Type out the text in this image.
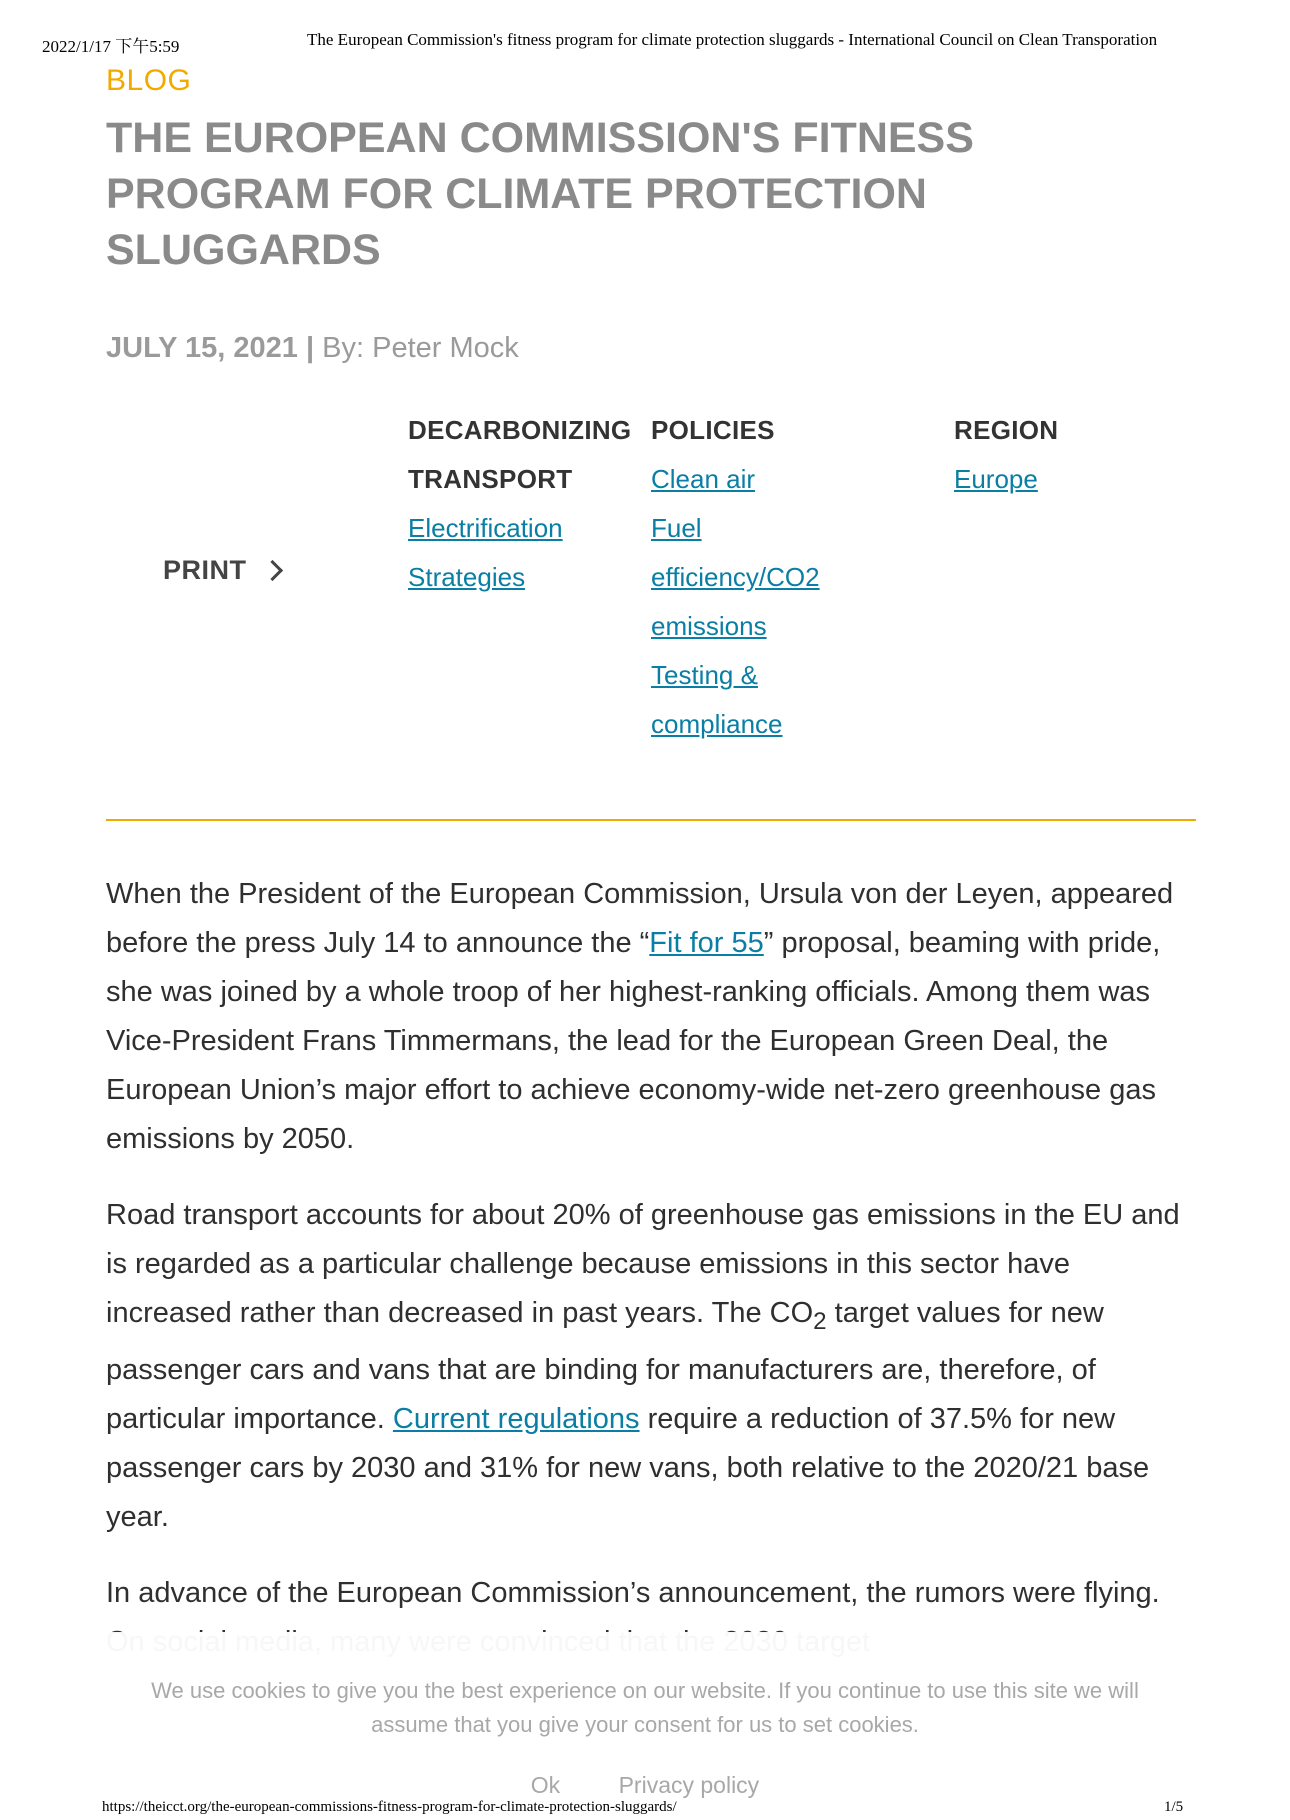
2022/1/17 下午5:59	The European Commission's fitness program for climate protection sluggards - International Council on Clean Transporation
BLOG
THE EUROPEAN COMMISSION'S FITNESS PROGRAM FOR CLIMATE PROTECTION SLUGGARDS
JULY 15, 2021 | By: Peter Mock
PRINT
DECARBONIZING
TRANSPORT
Electrification
Strategies
POLICIES
Clean air
Fuel efficiency/CO2 emissions
Testing & compliance
REGION
Europe

When the President of the European Commission, Ursula von der Leyen, appeared before the press July 14 to announce the “Fit for 55” proposal, beaming with pride, she was joined by a whole troop of her highest-ranking officials. Among them was Vice-President Frans Timmermans, the lead for the European Green Deal, the European Union’s major effort to achieve economy-wide net-zero greenhouse gas emissions by 2050.

Road transport accounts for about 20% of greenhouse gas emissions in the EU and is regarded as a particular challenge because emissions in this sector have increased rather than decreased in past years. The $CO_2$ target values for new passenger cars and vans that are binding for manufacturers are, therefore, of particular importance. Current regulations require a reduction of 37.5% for new passenger cars by 2030 and 31% for new vans, both relative to the 2020/21 base year.

In advance of the European Commission’s announcement, the rumors were flying.

We use cookies to give you the best experience on our website. If you continue to use this site we will assume that you give your consent for us to set cookies.
Ok	Privacy policy
https://theicct.org/the-european-commissions-fitness-program-for-climate-protection-sluggards/	1/5
